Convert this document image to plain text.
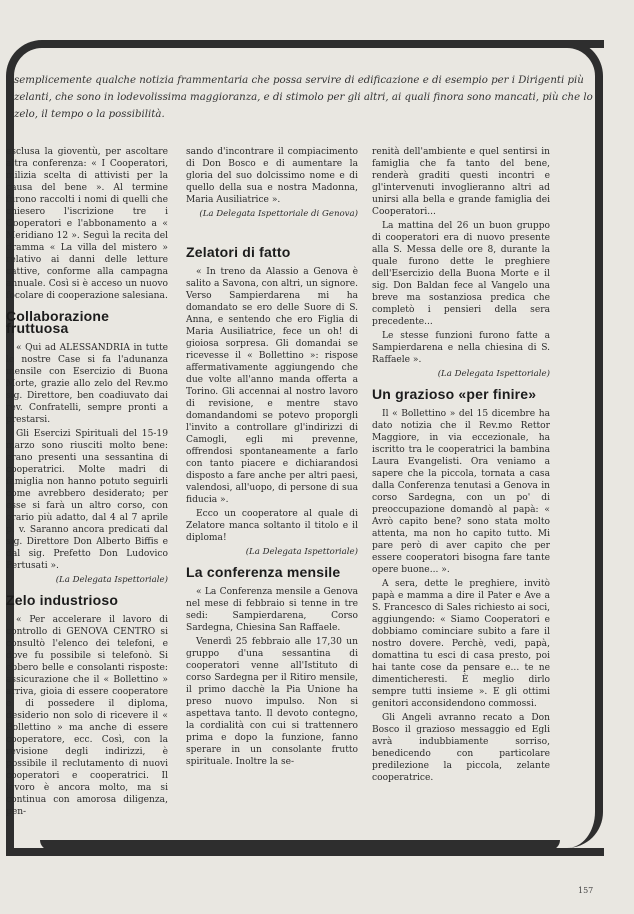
semplicemente qualche notizia frammentaria che possa servire di edificazione e di esempio per i Dirigenti più zelanti, che sono in lodevolissima maggioranza, e di stimolo per gli altri, ai quali finora sono mancati, più che lo zelo, il tempo o la possibilità.

esclusa la gioventù, per ascoltare altra conferenza: « I Cooperatori, milizia scelta di attivisti per la causa del bene ». Al termine furono raccolti i nomi di quelli che chiesero l'iscrizione tre i Cooperatori e l'abbonamento a « Meridiano 12 ». Seguì la recita del dramma « La villa del mistero » relativo ai danni delle letture cattive, conforme alla campagna annuale. Così si è acceso un nuovo focolare di cooperazione salesiana.

Collaborazione fruttuosa

« Qui ad ALESSANDRIA in tutte le nostre Case si fa l'adunanza mensile con Esercizio di Buona Morte, grazie allo zelo del Rev.mo sig. Direttore, ben coadiuvato dai rev. Confratelli, sempre pronti a prestarsi.

Gli Esercizi Spirituali del 15-19 marzo sono riusciti molto bene: erano presenti una sessantina di cooperatrici. Molte madri di famiglia non hanno potuto seguirli come avrebbero desiderato; per esse si farà un altro corso, con orario più adatto, dal 4 al 7 aprile p. v. Saranno ancora predicati dal sig. Direttore Don Alberto Biffis e dal sig. Prefetto Don Ludovico Pertusati ».

(La Delegata Ispettoriale)
Zelo industrioso

« Per accelerare il lavoro di controllo di GENOVA CENTRO si consultò l'elenco dei telefoni, e dove fu possibile si telefonò. Si ebbero belle e consolanti risposte: assicurazione che il « Bollettino » arriva, gioia di essere cooperatore e di possedere il diploma, desiderio non solo di ricevere il « Bollettino » ma anche di essere cooperatore, ecc. Così, con la revisione degli indirizzi, è possibile il reclutamento di nuovi cooperatori e cooperatrici. Il lavoro è ancora molto, ma si continua con amorosa diligenza, pen-

sando d'incontrare il compiacimento di Don Bosco e di aumentare la gloria del suo dolcissimo nome e di quello della sua e nostra Madonna, Maria Ausiliatrice ».

(La Delegata Ispettoriale di Genova)
Zelatori di fatto

« In treno da Alassio a Genova è salito a Savona, con altri, un signore. Verso Sampierdarena mi ha domandato se ero delle Suore di S. Anna, e sentendo che ero Figlia di Maria Ausiliatrice, fece un oh! di gioiosa sorpresa. Gli domandai se ricevesse il « Bollettino »: rispose affermativamente aggiungendo che due volte all'anno manda offerta a Torino. Gli accennai al nostro lavoro di revisione, e mentre stavo domandandomi se potevo proporgli l'invito a controllare gl'indirizzi di Camogli, egli mi prevenne, offrendosi spontaneamente a farlo con tanto piacere e dichiarandosi disposto a fare anche per altri paesi, valendosi, all'uopo, di persone di sua fiducia ».

Ecco un cooperatore al quale di Zelatore manca soltanto il titolo e il diploma!

(La Delegata Ispettoriale)
La conferenza mensile

« La Conferenza mensile a Genova nel mese di febbraio si tenne in tre sedi: Sampierdarena, Corso Sardegna, Chiesina San Raffaele.

Venerdì 25 febbraio alle 17,30 un gruppo d'una sessantina di cooperatori venne all'Istituto di corso Sardegna per il Ritiro mensile, il primo dacchè la Pia Unione ha preso nuovo impulso. Non si aspettava tanto. Il devoto contegno, la cordialità con cui si trattennero prima e dopo la funzione, fanno sperare in un consolante frutto spirituale. Inoltre la se-

renità dell'ambiente e quel sentirsi in famiglia che fa tanto del bene, renderà graditi questi incontri e gl'intervenuti invoglieranno altri ad unirsi alla bella e grande famiglia dei Cooperatori...

La mattina del 26 un buon gruppo di cooperatori era di nuovo presente alla S. Messa delle ore 8, durante la quale furono dette le preghiere dell'Esercizio della Buona Morte e il sig. Don Baldan fece al Vangelo una breve ma sostanziosa predica che completò i pensieri della sera precedente...

Le stesse funzioni furono fatte a Sampierdarena e nella chiesina di S. Raffaele ».

(La Delegata Ispettoriale)
Un grazioso «per finire»

Il « Bollettino » del 15 dicembre ha dato notizia che il Rev.mo Rettor Maggiore, in via eccezionale, ha iscritto tra le cooperatrici la bambina Laura Evangelisti. Ora veniamo a sapere che la piccola, tornata a casa dalla Conferenza tenutasi a Genova in corso Sardegna, con un po' di preoccupazione domandò al papà: « Avrò capito bene? sono stata molto attenta, ma non ho capito tutto. Mi pare però di aver capito che per essere cooperatori bisogna fare tante opere buone... ».

A sera, dette le preghiere, invitò papà e mamma a dire il Pater e Ave a S. Francesco di Sales richiesto ai soci, aggiungendo: « Siamo Cooperatori e dobbiamo cominciare subito a fare il nostro dovere. Perchè, vedi, papà, domattina tu esci di casa presto, poi hai tante cose da pensare e... te ne dimenticheresti. È meglio dirlo sempre tutti insieme ». E gli ottimi genitori acconsidendono commossi.

Gli Angeli avranno recato a Don Bosco il grazioso messaggio ed Egli avrà indubbiamente sorriso, benedicendo con particolare predilezione la piccola, zelante cooperatrice.

157
